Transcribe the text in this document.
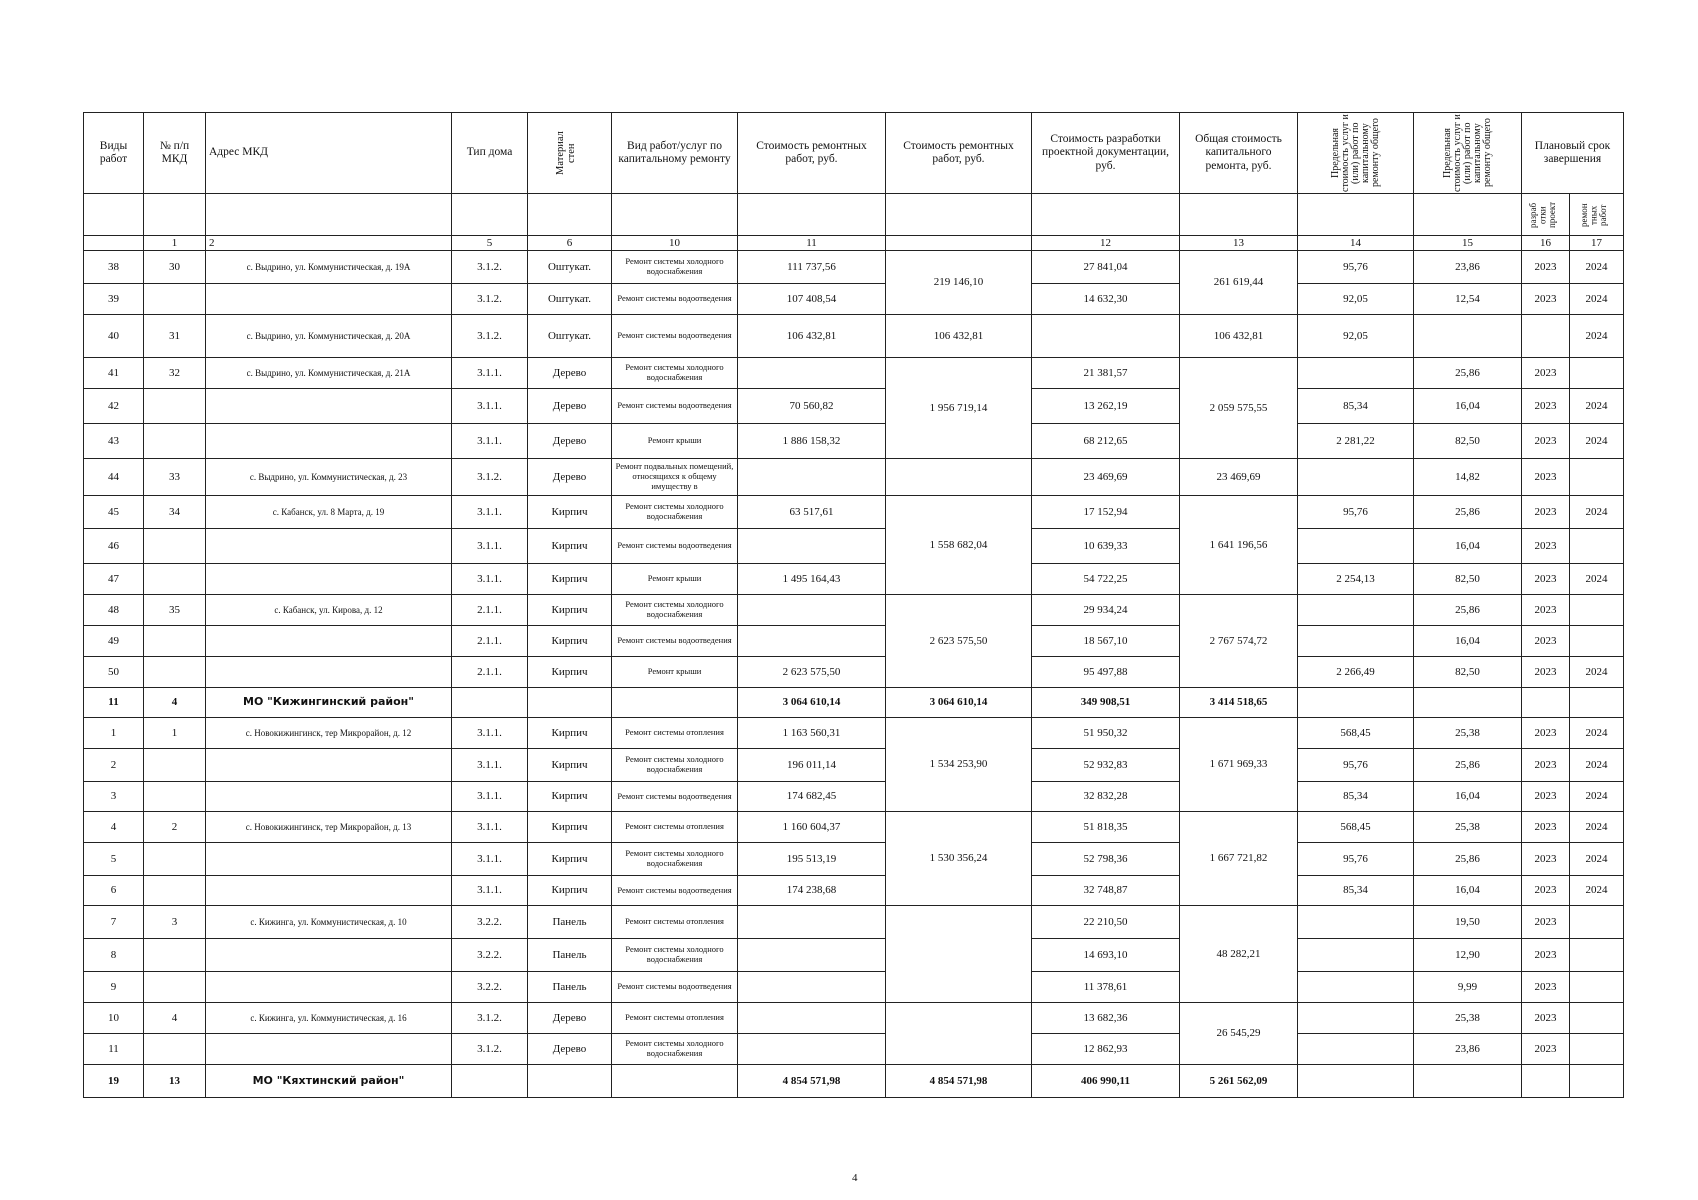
Виды работ	№ п/п МКД	Адрес МКД	Тип дома	Материал стен	Вид работ/услуг по капитальному ремонту	Стоимость ремонтных работ, руб.	Стоимость ремонтных работ, руб.	Стоимость разработки проектной документации, руб.	Общая стоимость капитального ремонта, руб.	Предельная стоимость услуг и (или) работ по капитальному ремонту общего	Предельная стоимость услуг и (или) работ по капитальному ремонту общего	Плановый срок завершения	

												разраб отки проект	ремон тных работ

	1	2	5	6	10	11		12	13	14	15	16	17
38	30	с. Выдрино, ул. Коммунистическая, д. 19А	3.1.2.	Оштукат.	Ремонт системы холодного водоснабжения	111 737,56	219 146,10	27 841,04	261 619,44	95,76	23,86	2023	2024
39			3.1.2.	Оштукат.	Ремонт системы водоотведения	107 408,54		14 632,30		92,05	12,54	2023	2024
40	31	с. Выдрино, ул. Коммунистическая, д. 20А	3.1.2.	Оштукат.	Ремонт системы водоотведения	106 432,81	106 432,81		106 432,81	92,05			2024
41	32	с. Выдрино, ул. Коммунистическая, д. 21А	3.1.1.	Дерево	Ремонт системы холодного водоснабжения		1 956 719,14	21 381,57	2 059 575,55		25,86	2023	
42			3.1.1.	Дерево	Ремонт системы водоотведения	70 560,82		13 262,19		85,34	16,04	2023	2024
43			3.1.1.	Дерево	Ремонт крыши	1 886 158,32		68 212,65		2 281,22	82,50	2023	2024
44	33	с. Выдрино, ул. Коммунистическая, д. 23	3.1.2.	Дерево	Ремонт подвальных помещений, относящихся к общему имуществу в			23 469,69	23 469,69		14,82	2023	
45	34	с. Кабанск, ул. 8 Марта, д. 19	3.1.1.	Кирпич	Ремонт системы холодного водоснабжения	63 517,61	1 558 682,04	17 152,94	1 641 196,56	95,76	25,86	2023	2024
46			3.1.1.	Кирпич	Ремонт системы водоотведения			10 639,33			16,04	2023	
47			3.1.1.	Кирпич	Ремонт крыши	1 495 164,43		54 722,25		2 254,13	82,50	2023	2024
48	35	с. Кабанск, ул. Кирова, д. 12	2.1.1.	Кирпич	Ремонт системы холодного водоснабжения		2 623 575,50	29 934,24	2 767 574,72		25,86	2023	
49			2.1.1.	Кирпич	Ремонт системы водоотведения			18 567,10			16,04	2023	
50			2.1.1.	Кирпич	Ремонт крыши	2 623 575,50		95 497,88		2 266,49	82,50	2023	2024
11	4	МО "Кижингинский район"				3 064 610,14	3 064 610,14	349 908,51	3 414 518,65				
1	1	с. Новокижингинск, тер Микрорайон, д. 12	3.1.1.	Кирпич	Ремонт системы отопления	1 163 560,31	1 534 253,90	51 950,32	1 671 969,33	568,45	25,38	2023	2024
2			3.1.1.	Кирпич	Ремонт системы холодного водоснабжения	196 011,14		52 932,83		95,76	25,86	2023	2024
3			3.1.1.	Кирпич	Ремонт системы водоотведения	174 682,45		32 832,28		85,34	16,04	2023	2024
4	2	с. Новокижингинск, тер Микрорайон, д. 13	3.1.1.	Кирпич	Ремонт системы отопления	1 160 604,37	1 530 356,24	51 818,35	1 667 721,82	568,45	25,38	2023	2024
5			3.1.1.	Кирпич	Ремонт системы холодного водоснабжения	195 513,19		52 798,36		95,76	25,86	2023	2024
6			3.1.1.	Кирпич	Ремонт системы водоотведения	174 238,68		32 748,87		85,34	16,04	2023	2024
7	3	с. Кижинга, ул. Коммунистическая, д. 10	3.2.2.	Панель	Ремонт системы отопления			22 210,50	48 282,21		19,50	2023	
8			3.2.2.	Панель	Ремонт системы холодного водоснабжения			14 693,10			12,90	2023	
9			3.2.2.	Панель	Ремонт системы водоотведения			11 378,61			9,99	2023	
10	4	с. Кижинга, ул. Коммунистическая, д. 16	3.1.2.	Дерево	Ремонт системы отопления			13 682,36	26 545,29		25,38	2023	
11			3.1.2.	Дерево	Ремонт системы холодного водоснабжения			12 862,93			23,86	2023	
19	13	МО "Кяхтинский район"				4 854 571,98	4 854 571,98	406 990,11	5 261 562,09				
4
